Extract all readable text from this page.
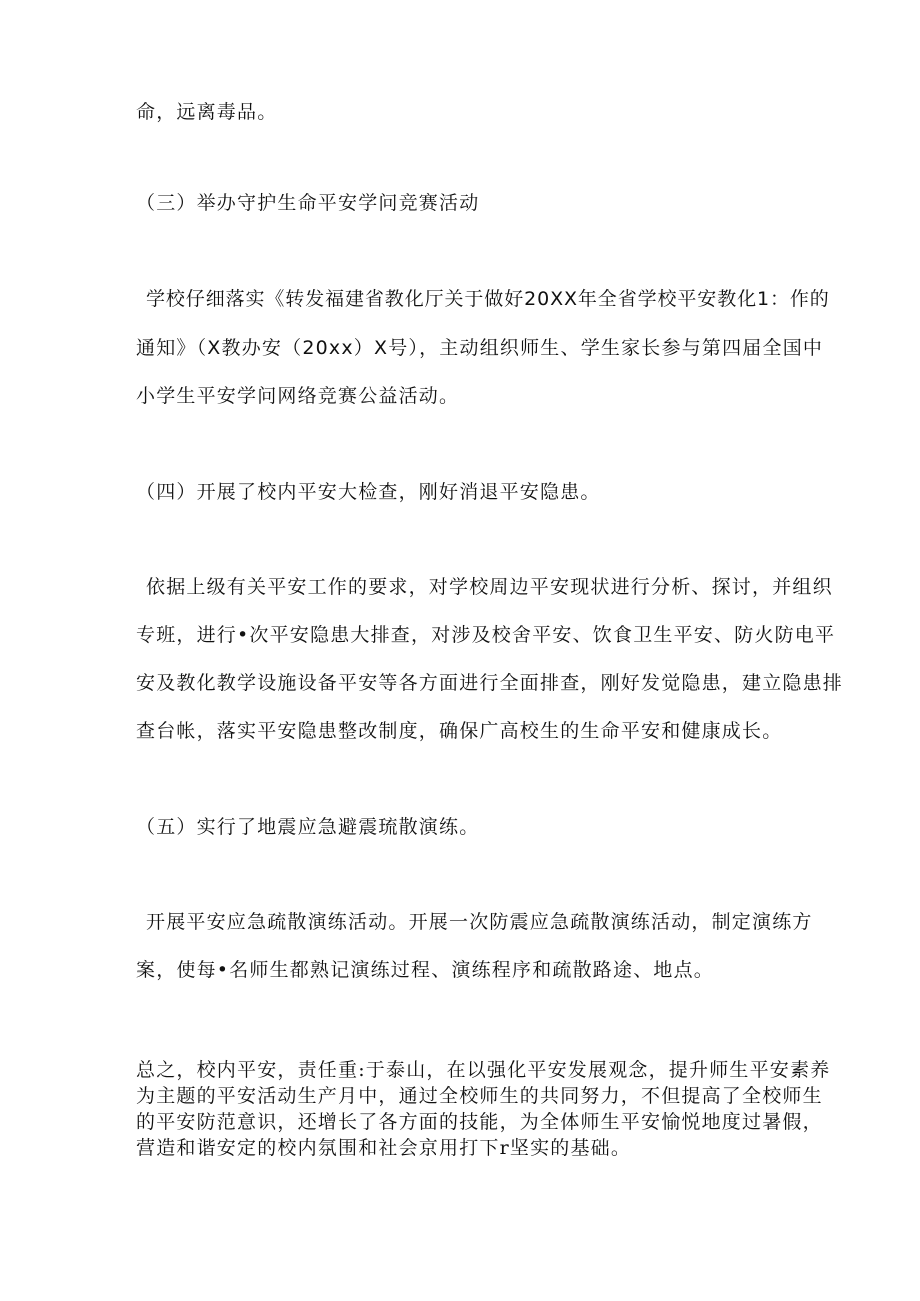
命，远离毒品。
（三）举办守护生命平安学问竞赛活动
学校仔细落实《转发福建省教化厅关于做好20XX年全省学校平安教化1：作的
通知》（X教办安（20xx）X号），主动组织师生、学生家长参与第四届全国中
小学生平安学问网络竞赛公益活动。
（四）开展了校内平安大检查，刚好消退平安隐患。
依据上级有关平安工作的要求，对学校周边平安现状进行分析、探讨，并组织
专班，进行•次平安隐患大排查，对涉及校舍平安、饮食卫生平安、防火防电平
安及教化教学设施设备平安等各方面进行全面排查，刚好发觉隐患，建立隐患排
查台帐，落实平安隐患整改制度，确保广高校生的生命平安和健康成长。
（五）实行了地震应急避震琉散演练。
开展平安应急疏散演练活动。开展一次防震应急疏散演练活动，制定演练方
案，使每•名师生都熟记演练过程、演练程序和疏散路途、地点。
总之，校内平安，责任重:于泰山，在以强化平安发展观念，提升师生平安素养
为主题的平安活动生产月中，通过全校师生的共同努力，不但提高了全校师生
的平安防范意识，还增长了各方面的技能，为全体师生平安愉悦地度过暑假，
营造和谐安定的校内氛围和社会京用打下r坚实的基础。
